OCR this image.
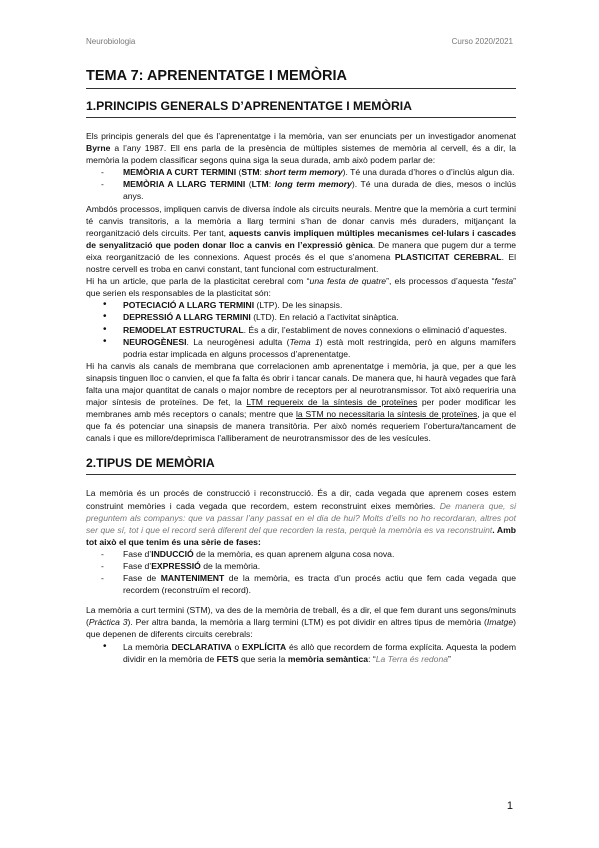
Neurobiologia	Curso 2020/2021
TEMA 7: APRENENTATGE I MEMÒRIA
1.PRINCIPIS GENERALS D’APRENENTATGE I MEMÒRIA

Els principis generals del que és l’aprenentatge i la memòria, van ser enunciats per un investigador anomenat Byrne a l’any 1987. Ell ens parla de la presència de múltiples sistemes de memòria al cervell, és a dir, la memòria la podem classificar segons quina siga la seua durada, amb això podem parlar de:

- MEMÒRIA A CURT TERMINI (STM: short term memory). Té una durada d’hores o d’inclús algun dia.
- MEMÒRIA A LLARG TERMINI (LTM: long term memory). Té una durada de dies, mesos o inclús anys.

Ambdós processos, impliquen canvis de diversa índole als circuits neurals. Mentre que la memòria a curt termini té canvis transitoris, a la memòria a llarg termini s’han de donar canvis més duraders, mitjançant la reorganització dels circuits. Per tant, aquests canvis impliquen múltiples mecanismes cel·lulars i cascades de senyalització que poden donar lloc a canvis en l’expressió gènica. De manera que pugem dur a terme eixa reorganització de les connexions. Aquest procés és el que s’anomena PLASTICITAT CEREBRAL. El nostre cervell es troba en canvi constant, tant funcional com estructuralment.

Hi ha un article, que parla de la plasticitat cerebral com “una festa de quatre”, els processos d’aquesta “festa” que serien els responsables de la plasticitat són:

• POTECIACIÓ A LLARG TERMINI (LTP). De les sinapsis.
• DEPRESSIÓ A LLARG TERMINI (LTD). En relació a l’activitat sinàptica.
• REMODELAT ESTRUCTURAL. És a dir, l’establiment de noves connexions o eliminació d’aquestes.
• NEUROGÈNESI. La neurogènesi adulta (Tema 1) està molt restringida, però en alguns mamífers podria estar implicada en alguns processos d’aprenentatge.

Hi ha canvis als canals de membrana que correlacionen amb aprenentatge i memòria, ja que, per a que les sinapsis tinguen lloc o canvien, el que fa falta és obrir i tancar canals. De manera que, hi haurà vegades que farà falta una major quantitat de canals o major nombre de receptors per al neurotransmissor. Tot això requeriria una major síntesis de proteïnes. De fet, la LTM requereix de la síntesis de proteïnes per poder modificar les membranes amb més receptors o canals; mentre que la STM no necessitaria la síntesis de proteïnes, ja que el que fa és potenciar una sinapsis de manera transitòria. Per això només requeriem l’obertura/tancament de canals i que es millore/deprimisca l’alliberament de neurotransmissor des de les vesícules.

2.TIPUS DE MEMÒRIA

La memòria és un procés de construcció i reconstrucció. És a dir, cada vegada que aprenem coses estem construint memòries i cada vegada que recordem, estem reconstruint eixes memòries. De manera que, si preguntem als companys: que va passar l’any passat en el dia de hui? Molts d’ells no ho recordaran, altres pot ser que sí, tot i que el record serà diferent del que recorden la resta, perquè la memòria es va reconstruint. Amb tot això el que tenim és una sèrie de fases:

- Fase d’INDUCCIÓ de la memòria, es quan aprenem alguna cosa nova.
- Fase d’EXPRESSIÓ de la memòria.
- Fase de MANTENIMENT de la memòria, es tracta d’un procés actiu que fem cada vegada que recordem (reconstruïm el record).

La memòria a curt termini (STM), va des de la memòria de treball, és a dir, el que fem durant uns segons/minuts (Pràctica 3). Per altra banda, la memòria a llarg termini (LTM) es pot dividir en altres tipus de memòria (Imatge) que depenen de diferents circuits cerebrals:

• La memòria DECLARATIVA o EXPLÍCITA és allò que recordem de forma explícita. Aquesta la podem dividir en la memòria de FETS que seria la memòria semàntica: “La Terra és redona”
1
